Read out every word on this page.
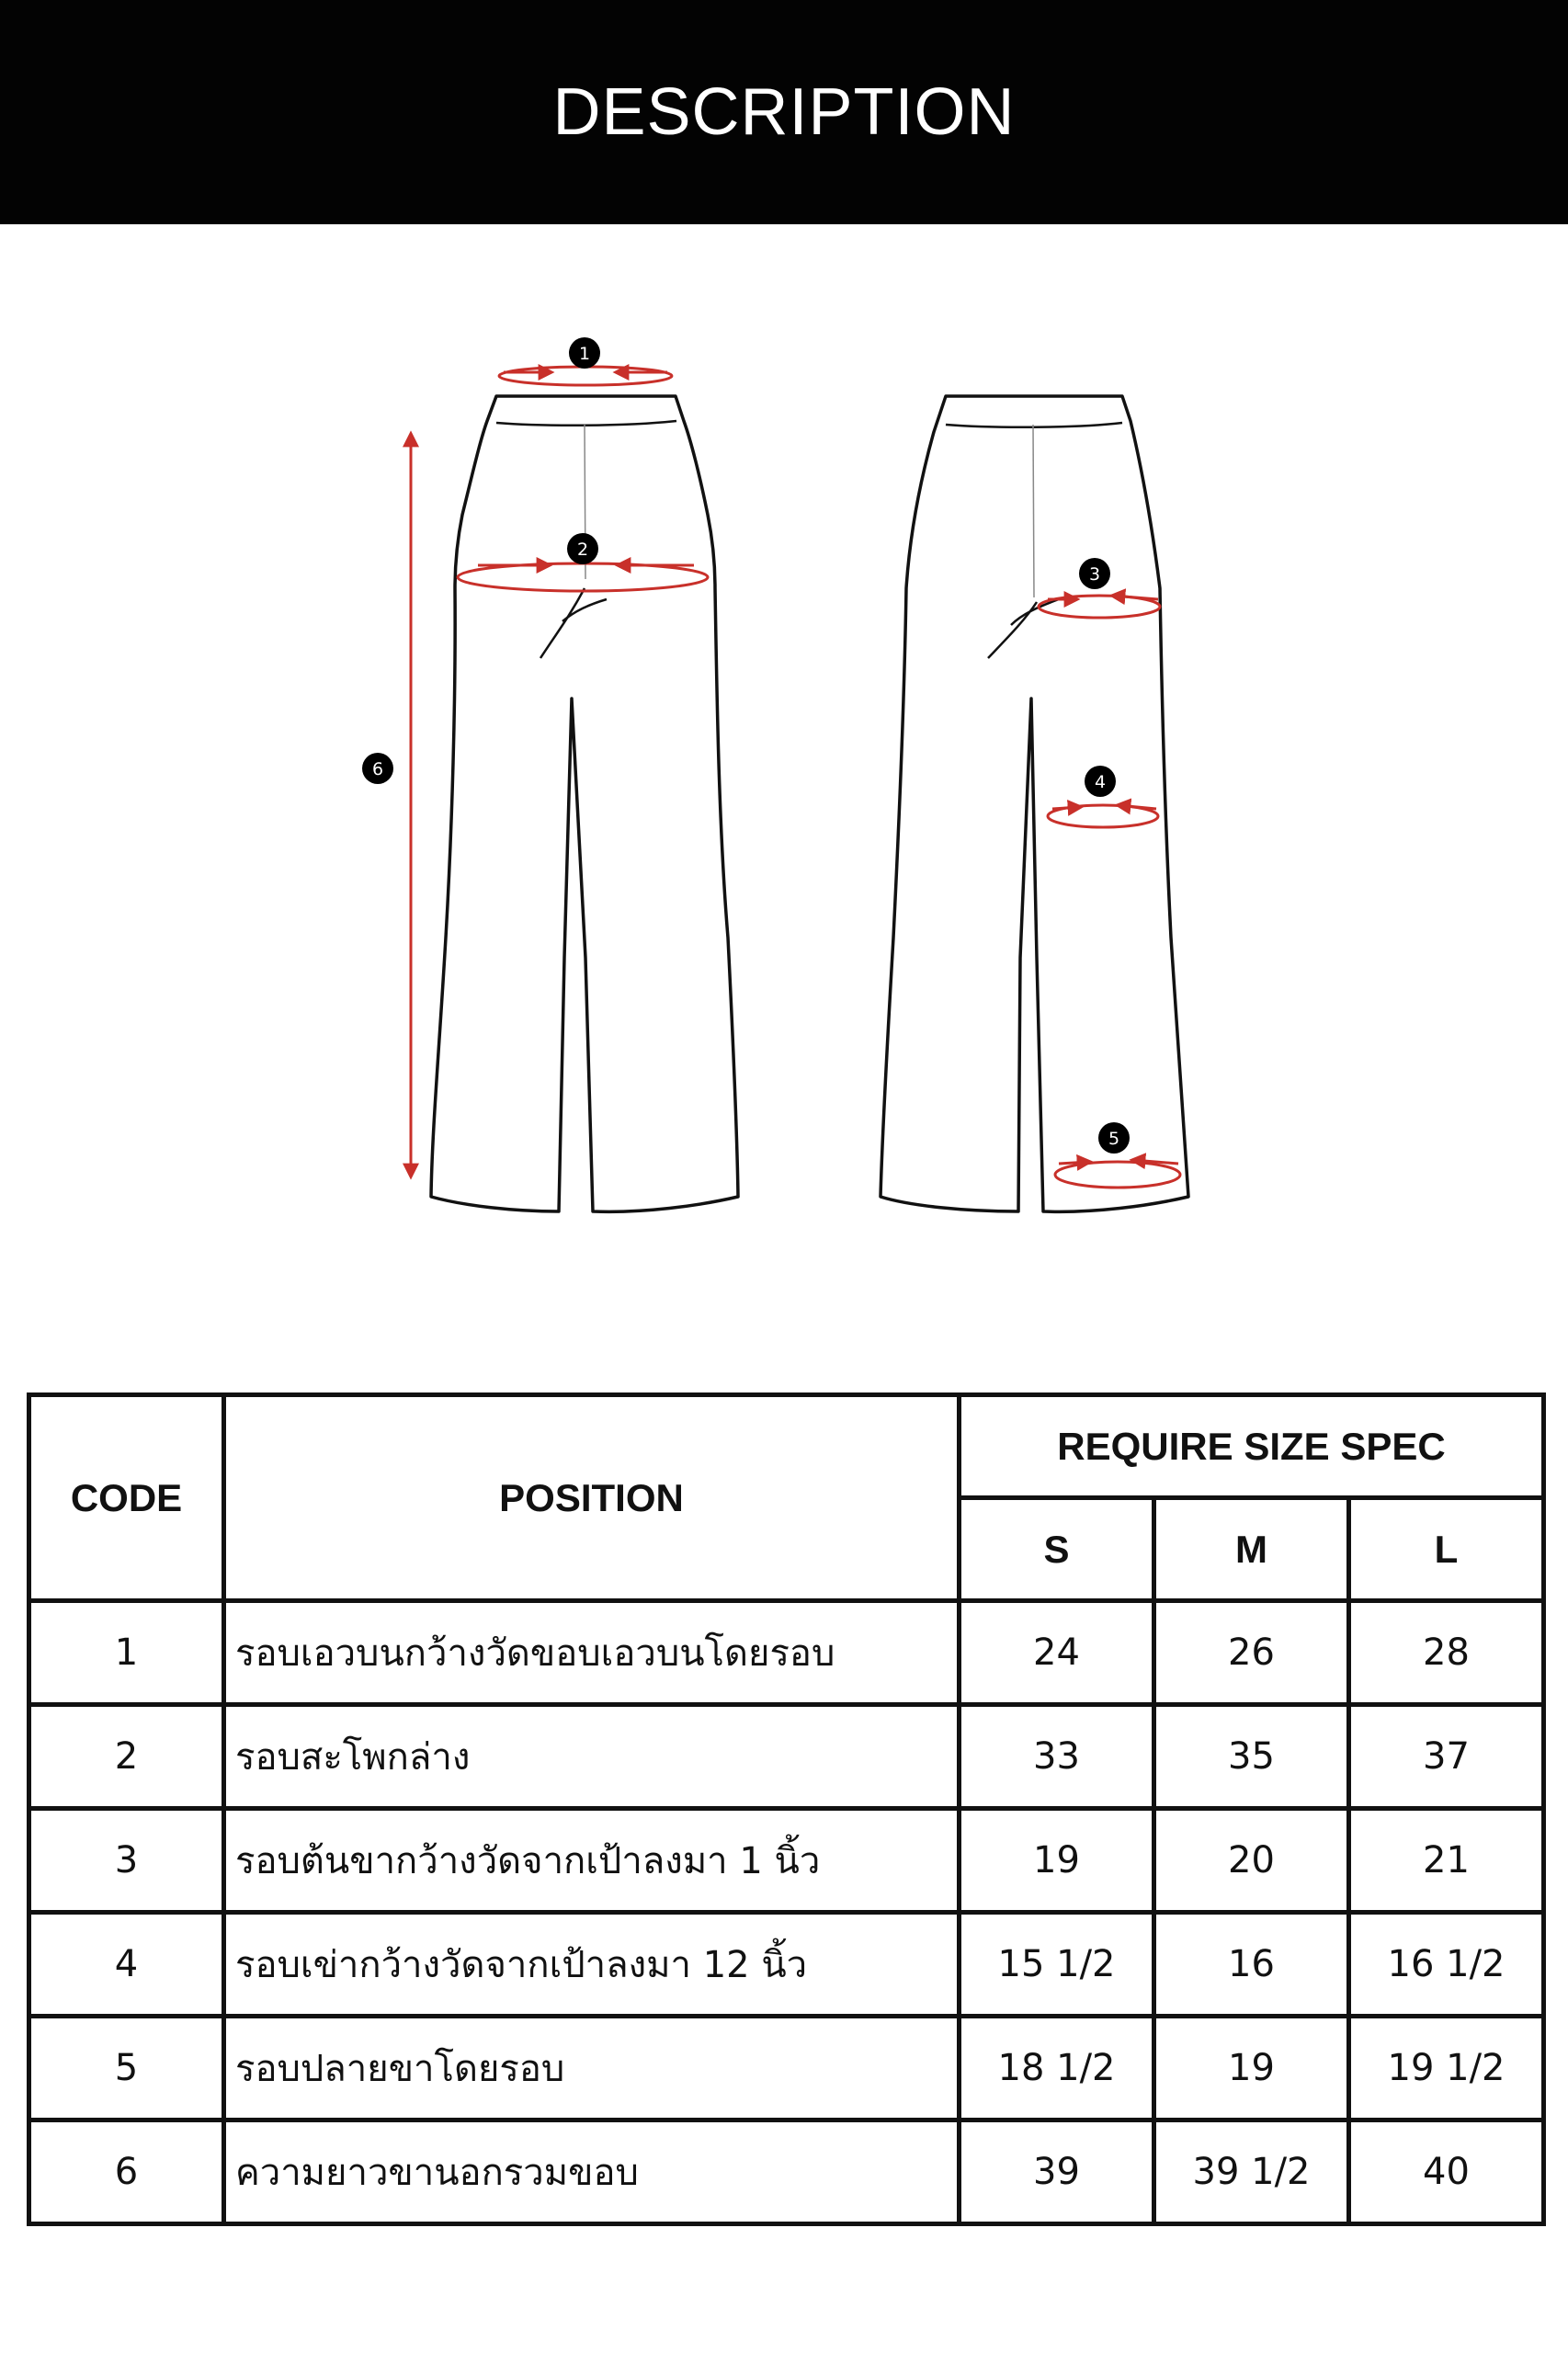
DESCRIPTION
1
2
3
4
5
6
CODE	POSITION	REQUIRE SIZE SPEC		
		S	M	L
1	รอบเอวบนกว้างวัดขอบเอวบนโดยรอบ	24	26	28
2	รอบสะโพกล่าง	33	35	37
3	รอบต้นขากว้างวัดจากเป้าลงมา 1 นิ้ว	19	20	21
4	รอบเข่ากว้างวัดจากเป้าลงมา 12 นิ้ว	15 1/2	16	16 1/2
5	รอบปลายขาโดยรอบ	18 1/2	19	19 1/2
6	ความยาวขานอกรวมขอบ	39	39 1/2	40
